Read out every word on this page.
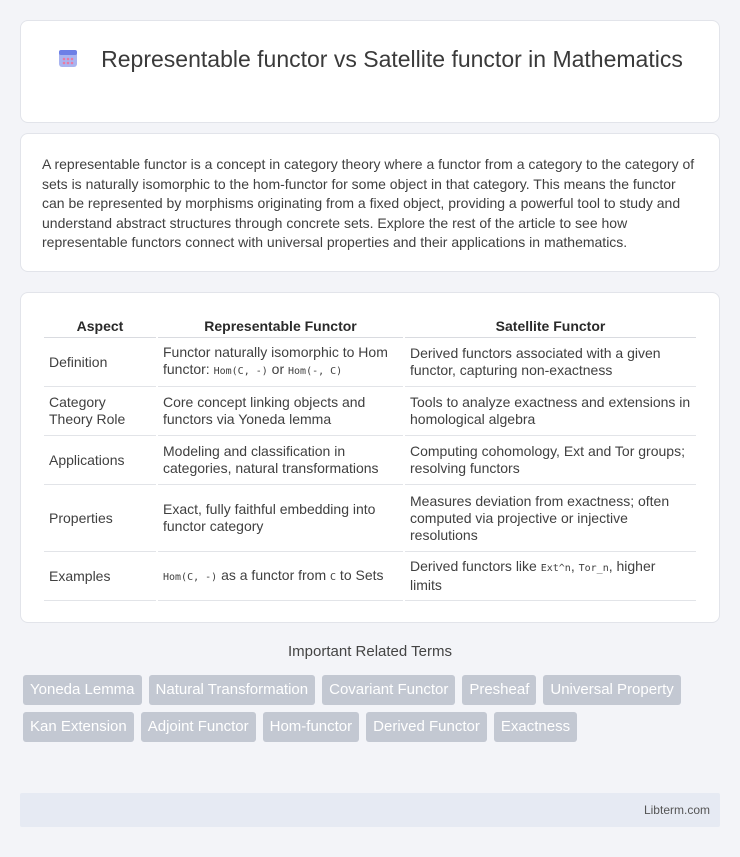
Representable functor vs Satellite functor in Mathematics

A representable functor is a concept in category theory where a functor from a category to the category of sets is naturally isomorphic to the hom-functor for some object in that category. This means the functor can be represented by morphisms originating from a fixed object, providing a powerful tool to study and understand abstract structures through concrete sets. Explore the rest of the article to see how representable functors connect with universal properties and their applications in mathematics.

Aspect	Representable Functor	Satellite Functor
Definition	Functor naturally isomorphic to Hom functor: Hom(C, -) or Hom(-, C)	Derived functors associated with a given functor, capturing non-exactness
Category Theory Role	Core concept linking objects and functors via Yoneda lemma	Tools to analyze exactness and extensions in homological algebra
Applications	Modeling and classification in categories, natural transformations	Computing cohomology, Ext and Tor groups; resolving functors
Properties	Exact, fully faithful embedding into functor category	Measures deviation from exactness; often computed via projective or injective resolutions
Examples	Hom(C, -) as a functor from C to Sets	Derived functors like Ext^n, Tor_n, higher limits
Important Related Terms
Yoneda Lemma	Natural Transformation	Covariant Functor	Presheaf	Universal Property
Kan Extension	Adjoint Functor	Hom-functor	Derived Functor	Exactness
Libterm.com
